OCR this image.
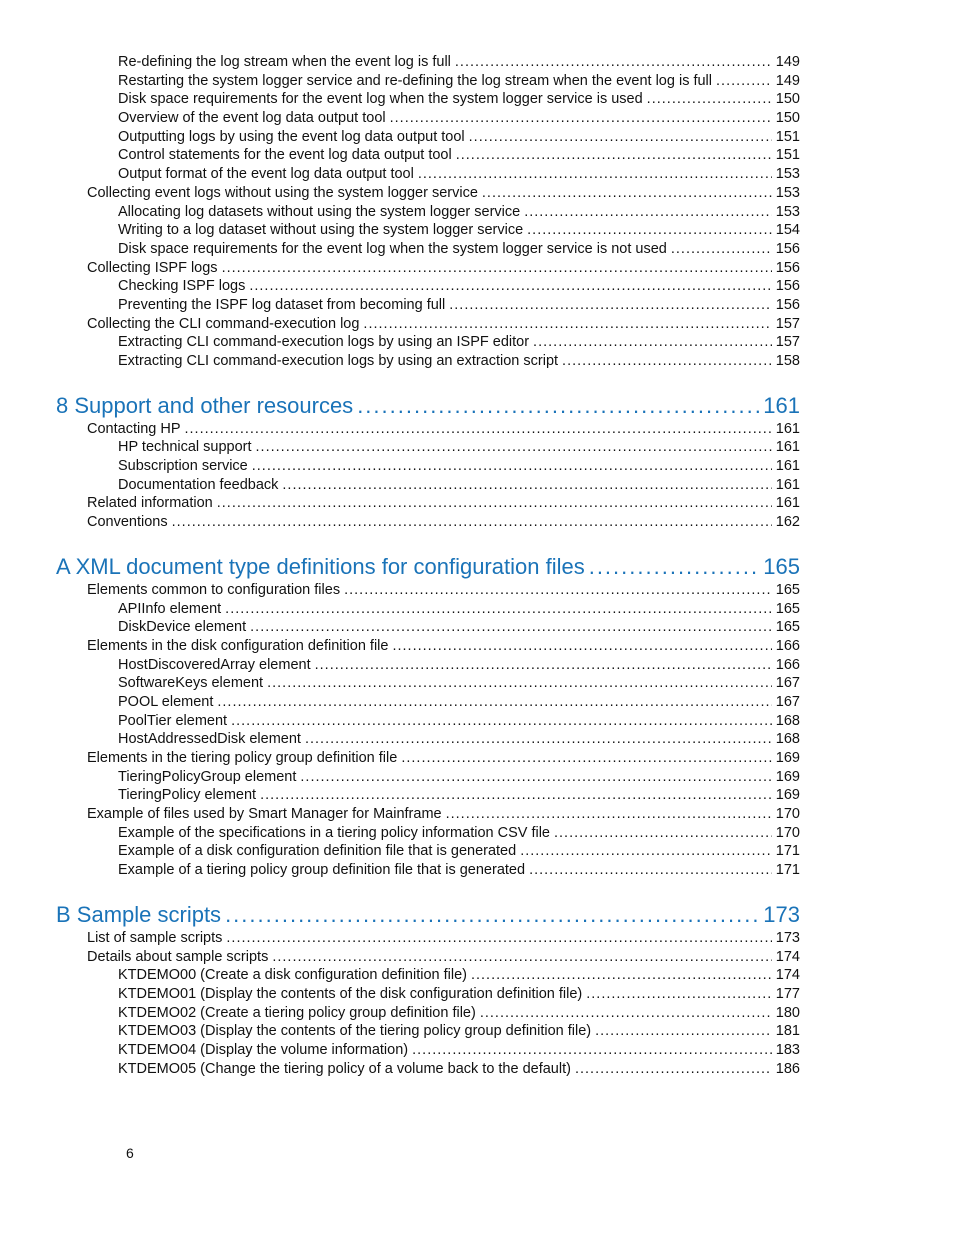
Re-defining the log stream when the event log is full .....	149
Restarting the system logger service and re-defining the log stream when the event log is full .....	149
Disk space requirements for the event log when the system logger service is used .....	150
Overview of the event log data output tool .....	150
Outputting logs by using the event log data output tool .....	151
Control statements for the event log data output tool .....	151
Output format of the event log data output tool .....	153
Collecting event logs without using the system logger service .....	153
Allocating log datasets without using the system logger service .....	153
Writing to a log dataset without using the system logger service .....	154
Disk space requirements for the event log when the system logger service is not used .....	156
Collecting ISPF logs .....	156
Checking ISPF logs .....	156
Preventing the ISPF log dataset from becoming full .....	156
Collecting the CLI command-execution log .....	157
Extracting CLI command-execution logs by using an ISPF editor .....	157
Extracting CLI command-execution logs by using an extraction script .....	158
8 Support and other resources .....	161
Contacting HP .....	161
HP technical support .....	161
Subscription service .....	161
Documentation feedback .....	161
Related information .....	161
Conventions .....	162
A XML document type definitions for configuration files .....	165
Elements common to configuration files .....	165
APIInfo element .....	165
DiskDevice element .....	165
Elements in the disk configuration definition file .....	166
HostDiscoveredArray element .....	166
SoftwareKeys element .....	167
POOL element .....	167
PoolTier element .....	168
HostAddressedDisk element .....	168
Elements in the tiering policy group definition file .....	169
TieringPolicyGroup element .....	169
TieringPolicy element .....	169
Example of files used by Smart Manager for Mainframe .....	170
Example of the specifications in a tiering policy information CSV file .....	170
Example of a disk configuration definition file that is generated .....	171
Example of a tiering policy group definition file that is generated .....	171
B Sample scripts .....	173
List of sample scripts .....	173
Details about sample scripts .....	174
KTDEMO00 (Create a disk configuration definition file) .....	174
KTDEMO01 (Display the contents of the disk configuration definition file) .....	177
KTDEMO02 (Create a tiering policy group definition file) .....	180
KTDEMO03 (Display the contents of the tiering policy group definition file) .....	181
KTDEMO04 (Display the volume information) .....	183
KTDEMO05 (Change the tiering policy of a volume back to the default) .....	186
6
